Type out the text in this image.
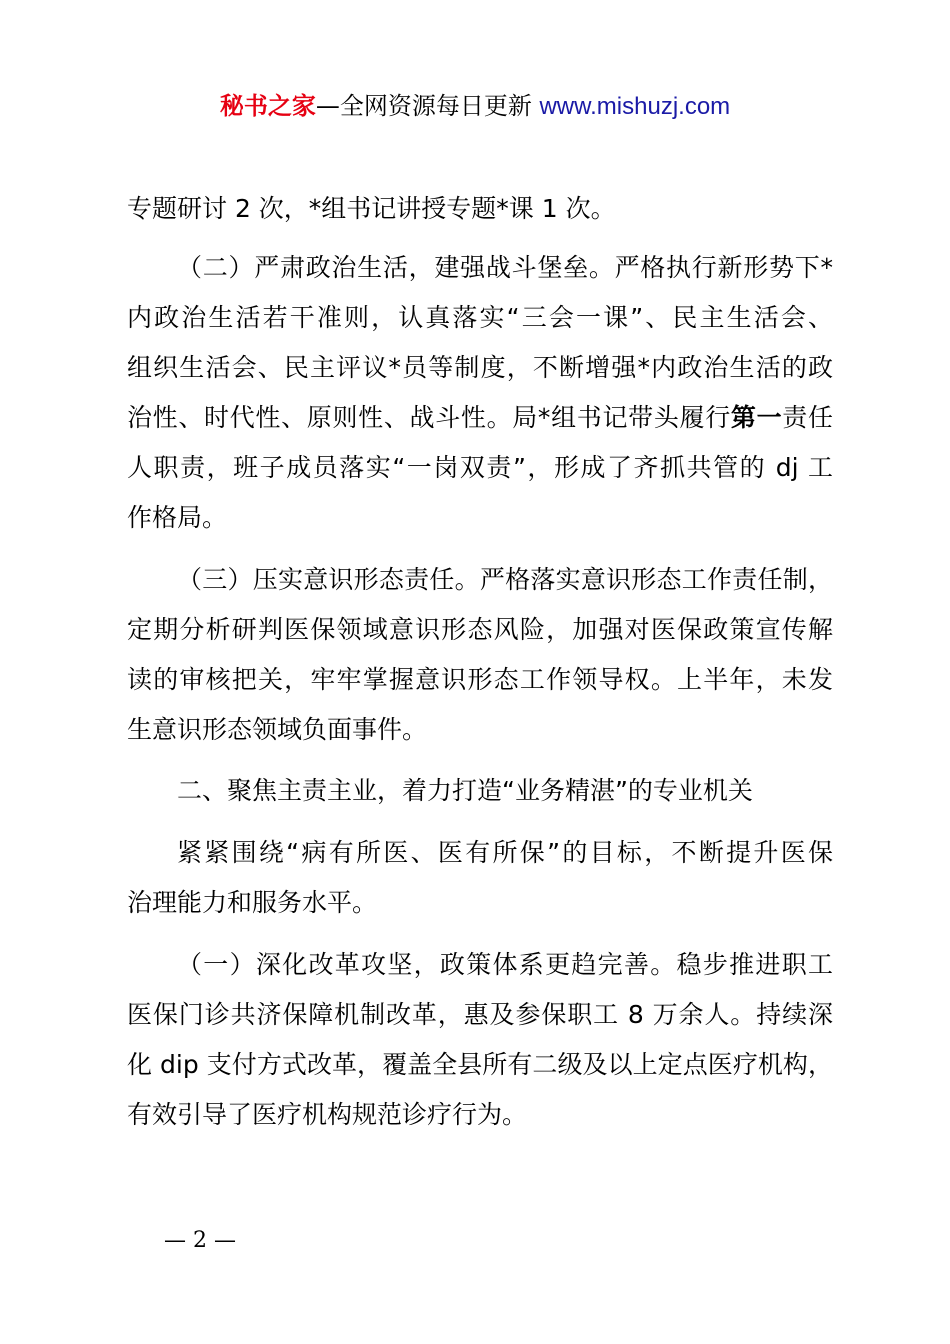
秘书之家—全网资源每日更新 www.mishuzj.com
专题研讨 2 次，*组书记讲授专题*课 1 次。
（二）严肃政治生活，建强战斗堡垒。严格执行新形势下*
内政治生活若干准则，认真落实“三会一课”、民主生活会、
组织生活会、民主评议*员等制度，不断增强*内政治生活的政
治性、时代性、原则性、战斗性。局*组书记带头履行第一责任
人职责，班子成员落实“一岗双责”，形成了齐抓共管的 dj 工
作格局。
（三）压实意识形态责任。严格落实意识形态工作责任制，
定期分析研判医保领域意识形态风险，加强对医保政策宣传解
读的审核把关，牢牢掌握意识形态工作领导权。上半年，未发
生意识形态领域负面事件。
二、聚焦主责主业，着力打造“业务精湛”的专业机关
紧紧围绕“病有所医、医有所保”的目标，不断提升医保
治理能力和服务水平。
（一）深化改革攻坚，政策体系更趋完善。稳步推进职工
医保门诊共济保障机制改革，惠及参保职工 8 万余人。持续深
化 dip 支付方式改革，覆盖全县所有二级及以上定点医疗机构，
有效引导了医疗机构规范诊疗行为。
— 2 —
